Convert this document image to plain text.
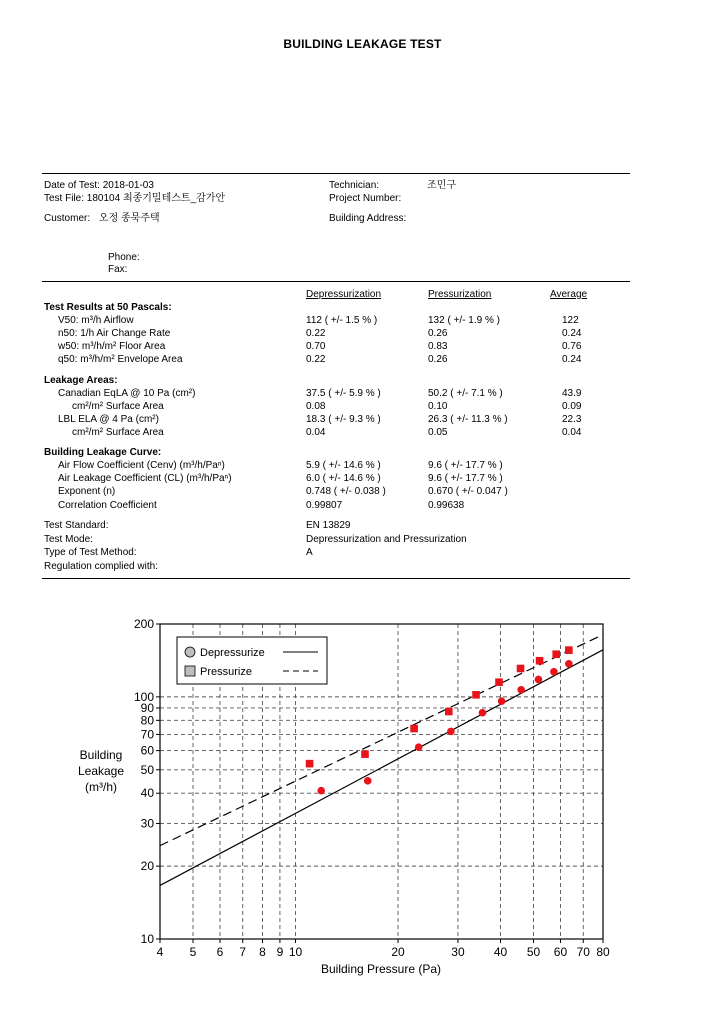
BUILDING LEAKAGE TEST
Date of Test: 2018-01-03
Test File: 180104 최종기밀테스트_감가안
Customer: 오정 종묵주택
Phone:
Fax:
Technician:	조민구
Project Number:
Building Address:
Depressurization	Pressurization	Average
Test Results at 50 Pascals:
V50: m³/h Airflow	112 ( +/- 1.5 % )	132 ( +/- 1.9 % )	122
n50: 1/h Air Change Rate	0.22	0.26	0.24
w50: m³/h/m² Floor Area	0.70	0.83	0.76
q50: m³/h/m² Envelope Area	0.22	0.26	0.24
Leakage Areas:
Canadian EqLA @ 10 Pa (cm²)	37.5 ( +/- 5.9 % )	50.2 ( +/- 7.1 % )	43.9
cm²/m² Surface Area	0.08	0.10	0.09
LBL ELA @ 4 Pa (cm²)	18.3 ( +/- 9.3 % )	26.3 ( +/- 11.3 % )	22.3
cm²/m² Surface Area	0.04	0.05	0.04
Building Leakage Curve:
Air Flow Coefficient (Cenv) (m³/h/Paⁿ)	5.9 ( +/- 14.6 % )	9.6 ( +/- 17.7 % )
Air Leakage Coefficient (CL) (m³/h/Paⁿ)	6.0 ( +/- 14.6 % )	9.6 ( +/- 17.7 % )
Exponent (n)	0.748 ( +/- 0.038 )	0.670 ( +/- 0.047 )
Correlation Coefficient	0.99807	0.99638
Test Standard:	EN 13829
Test Mode:	Depressurization and Pressurization
Type of Test Method:	A
Regulation complied with:
4 5 6 7 8 9 10	20	30 40 50 60 70 80
10
20
30
40
50
60
70
80
90
100
200
Depressurize
Pressurize
Building
Leakage
(m³/h)
Building Pressure (Pa)
